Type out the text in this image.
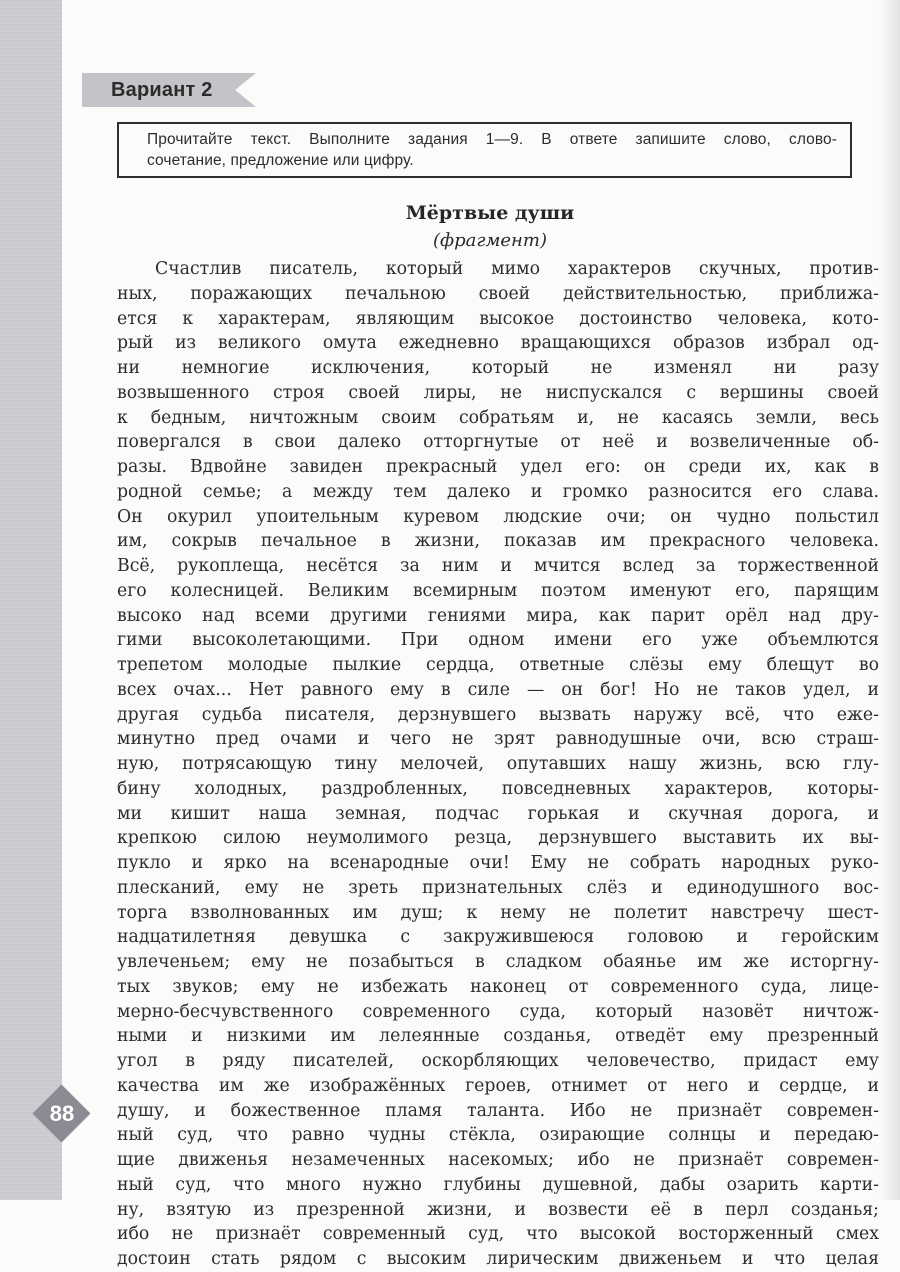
Вариант 2
Прочитайте текст. Выполните задания 1—9. В ответе запишите слово, слово-
сочетание, предложение или цифру.
Мёртвые души
(фрагмент)
Счастлив писатель, который мимо характеров скучных, против-
ных, поражающих печальною своей действительностью, приближа-
ется к характерам, являющим высокое достоинство человека, кото-
рый из великого омута ежедневно вращающихся образов избрал од-
ни немногие исключения, который не изменял ни разу
возвышенного строя своей лиры, не ниспускался с вершины своей
к бедным, ничтожным своим собратьям и, не касаясь земли, весь
повергался в свои далеко отторгнутые от неё и возвеличенные об-
разы. Вдвойне завиден прекрасный удел его: он среди их, как в
родной семье; а между тем далеко и громко разносится его слава.
Он окурил упоительным куревом людские очи; он чудно польстил
им, сокрыв печальное в жизни, показав им прекрасного человека.
Всё, рукоплеща, несётся за ним и мчится вслед за торжественной
его колесницей. Великим всемирным поэтом именуют его, парящим
высоко над всеми другими гениями мира, как парит орёл над дру-
гими высоколетающими. При одном имени его уже объемлются
трепетом молодые пылкие сердца, ответные слёзы ему блещут во
всех очах... Нет равного ему в силе — он бог! Но не таков удел, и
другая судьба писателя, дерзнувшего вызвать наружу всё, что еже-
минутно пред очами и чего не зрят равнодушные очи, всю страш-
ную, потрясающую тину мелочей, опутавших нашу жизнь, всю глу-
бину холодных, раздробленных, повседневных характеров, которы-
ми кишит наша земная, подчас горькая и скучная дорога, и
крепкою силою неумолимого резца, дерзнувшего выставить их вы-
пукло и ярко на всенародные очи! Ему не собрать народных руко-
плесканий, ему не зреть признательных слёз и единодушного вос-
торга взволнованных им душ; к нему не полетит навстречу шест-
надцатилетняя девушка с закружившеюся головою и геройским
увлеченьем; ему не позабыться в сладком обаянье им же исторгну-
тых звуков; ему не избежать наконец от современного суда, лице-
мерно-бесчувственного современного суда, который назовёт ничтож-
ными и низкими им лелеянные созданья, отведёт ему презренный
угол в ряду писателей, оскорбляющих человечество, придаст ему
качества им же изображённых героев, отнимет от него и сердце, и
душу, и божественное пламя таланта. Ибо не признаёт современ-
ный суд, что равно чудны стёкла, озирающие солнцы и передаю-
щие движенья незамеченных насекомых; ибо не признаёт современ-
ный суд, что много нужно глубины душевной, дабы озарить карти-
ну, взятую из презренной жизни, и возвести её в перл созданья;
ибо не признаёт современный суд, что высокой восторженный смех
достоин стать рядом с высоким лирическим движеньем и что целая
88
